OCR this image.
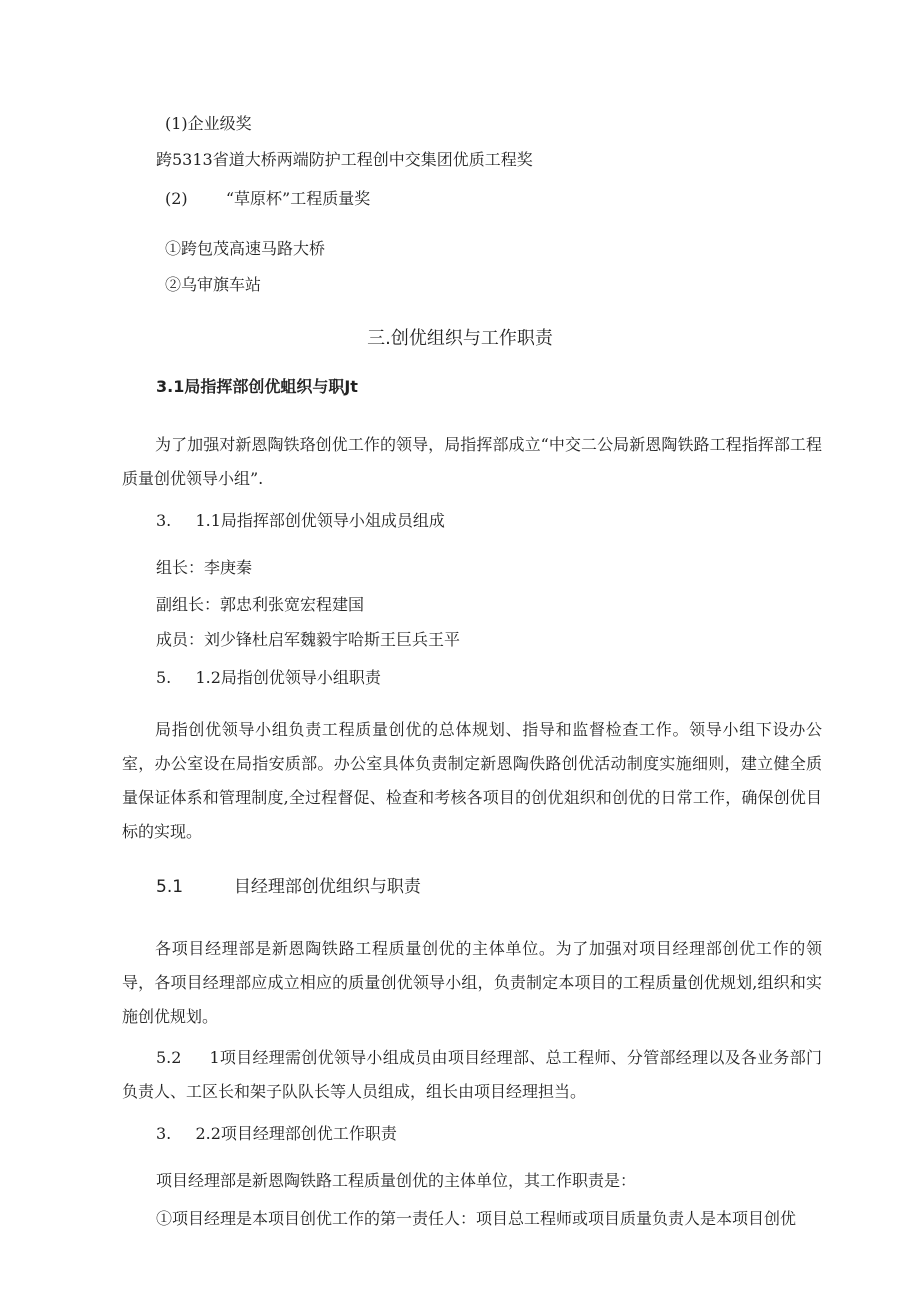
(1)企业级奖
跨5313省道大桥两端防护工程创中交集团优质工程奖
(2) “草原杯”工程质量奖
①跨包茂高速马路大桥
②乌审旗车站
三.创优组织与工作职责
3.1局指挥部创优蛆织与职Jt
为了加强对新恩陶铁珞创优工作的领导，局指挥部成立“中交二公局新恩陶铁路工程指挥部工程质量创优领导小组”.
3. 1.1局指挥部创优领导小俎成员组成
组长：李庚秦
副组长：郭忠利张宽宏程建国
成员：刘少锋杜启军魏毅宇哈斯王巨兵王平
5. 1.2局指创优领导小组职责
局指创优领导小组负责工程质量创优的总体规划、指导和监督检查工作。领导小组下设办公室，办公室设在局指安质部。办公室具体负责制定新恩陶佚路创优活动制度实施细则，建立健全质量保证体系和管理制度,全过程督促、检查和考核各项目的创优爼织和创优的日常工作，确保创优目标的实现。
5.1	目经理部创优组织与职责
各项目经理部是新恩陶铁路工程质量创优的主体单位。为了加强对项目经理部创优工作的领导，各项目经理部应成立相应的质量创优领导小组，负责制定本项目的工程质量创优规划,组织和实施创优规划。
5.2 1项目经理需创优领导小组成员由项目经理部、总工程师、分管部经理以及各业务部门负责人、工区长和架子队队长等人员组成，组长由项目经理担当。
3. 2.2项目经理部创优工作职责
项目经理部是新恩陶铁路工程质量创优的主体单位，其工作职责是：
①项目经理是本项目创优工作的第一责任人：项目总工程师或项目质量负责人是本项目创优
